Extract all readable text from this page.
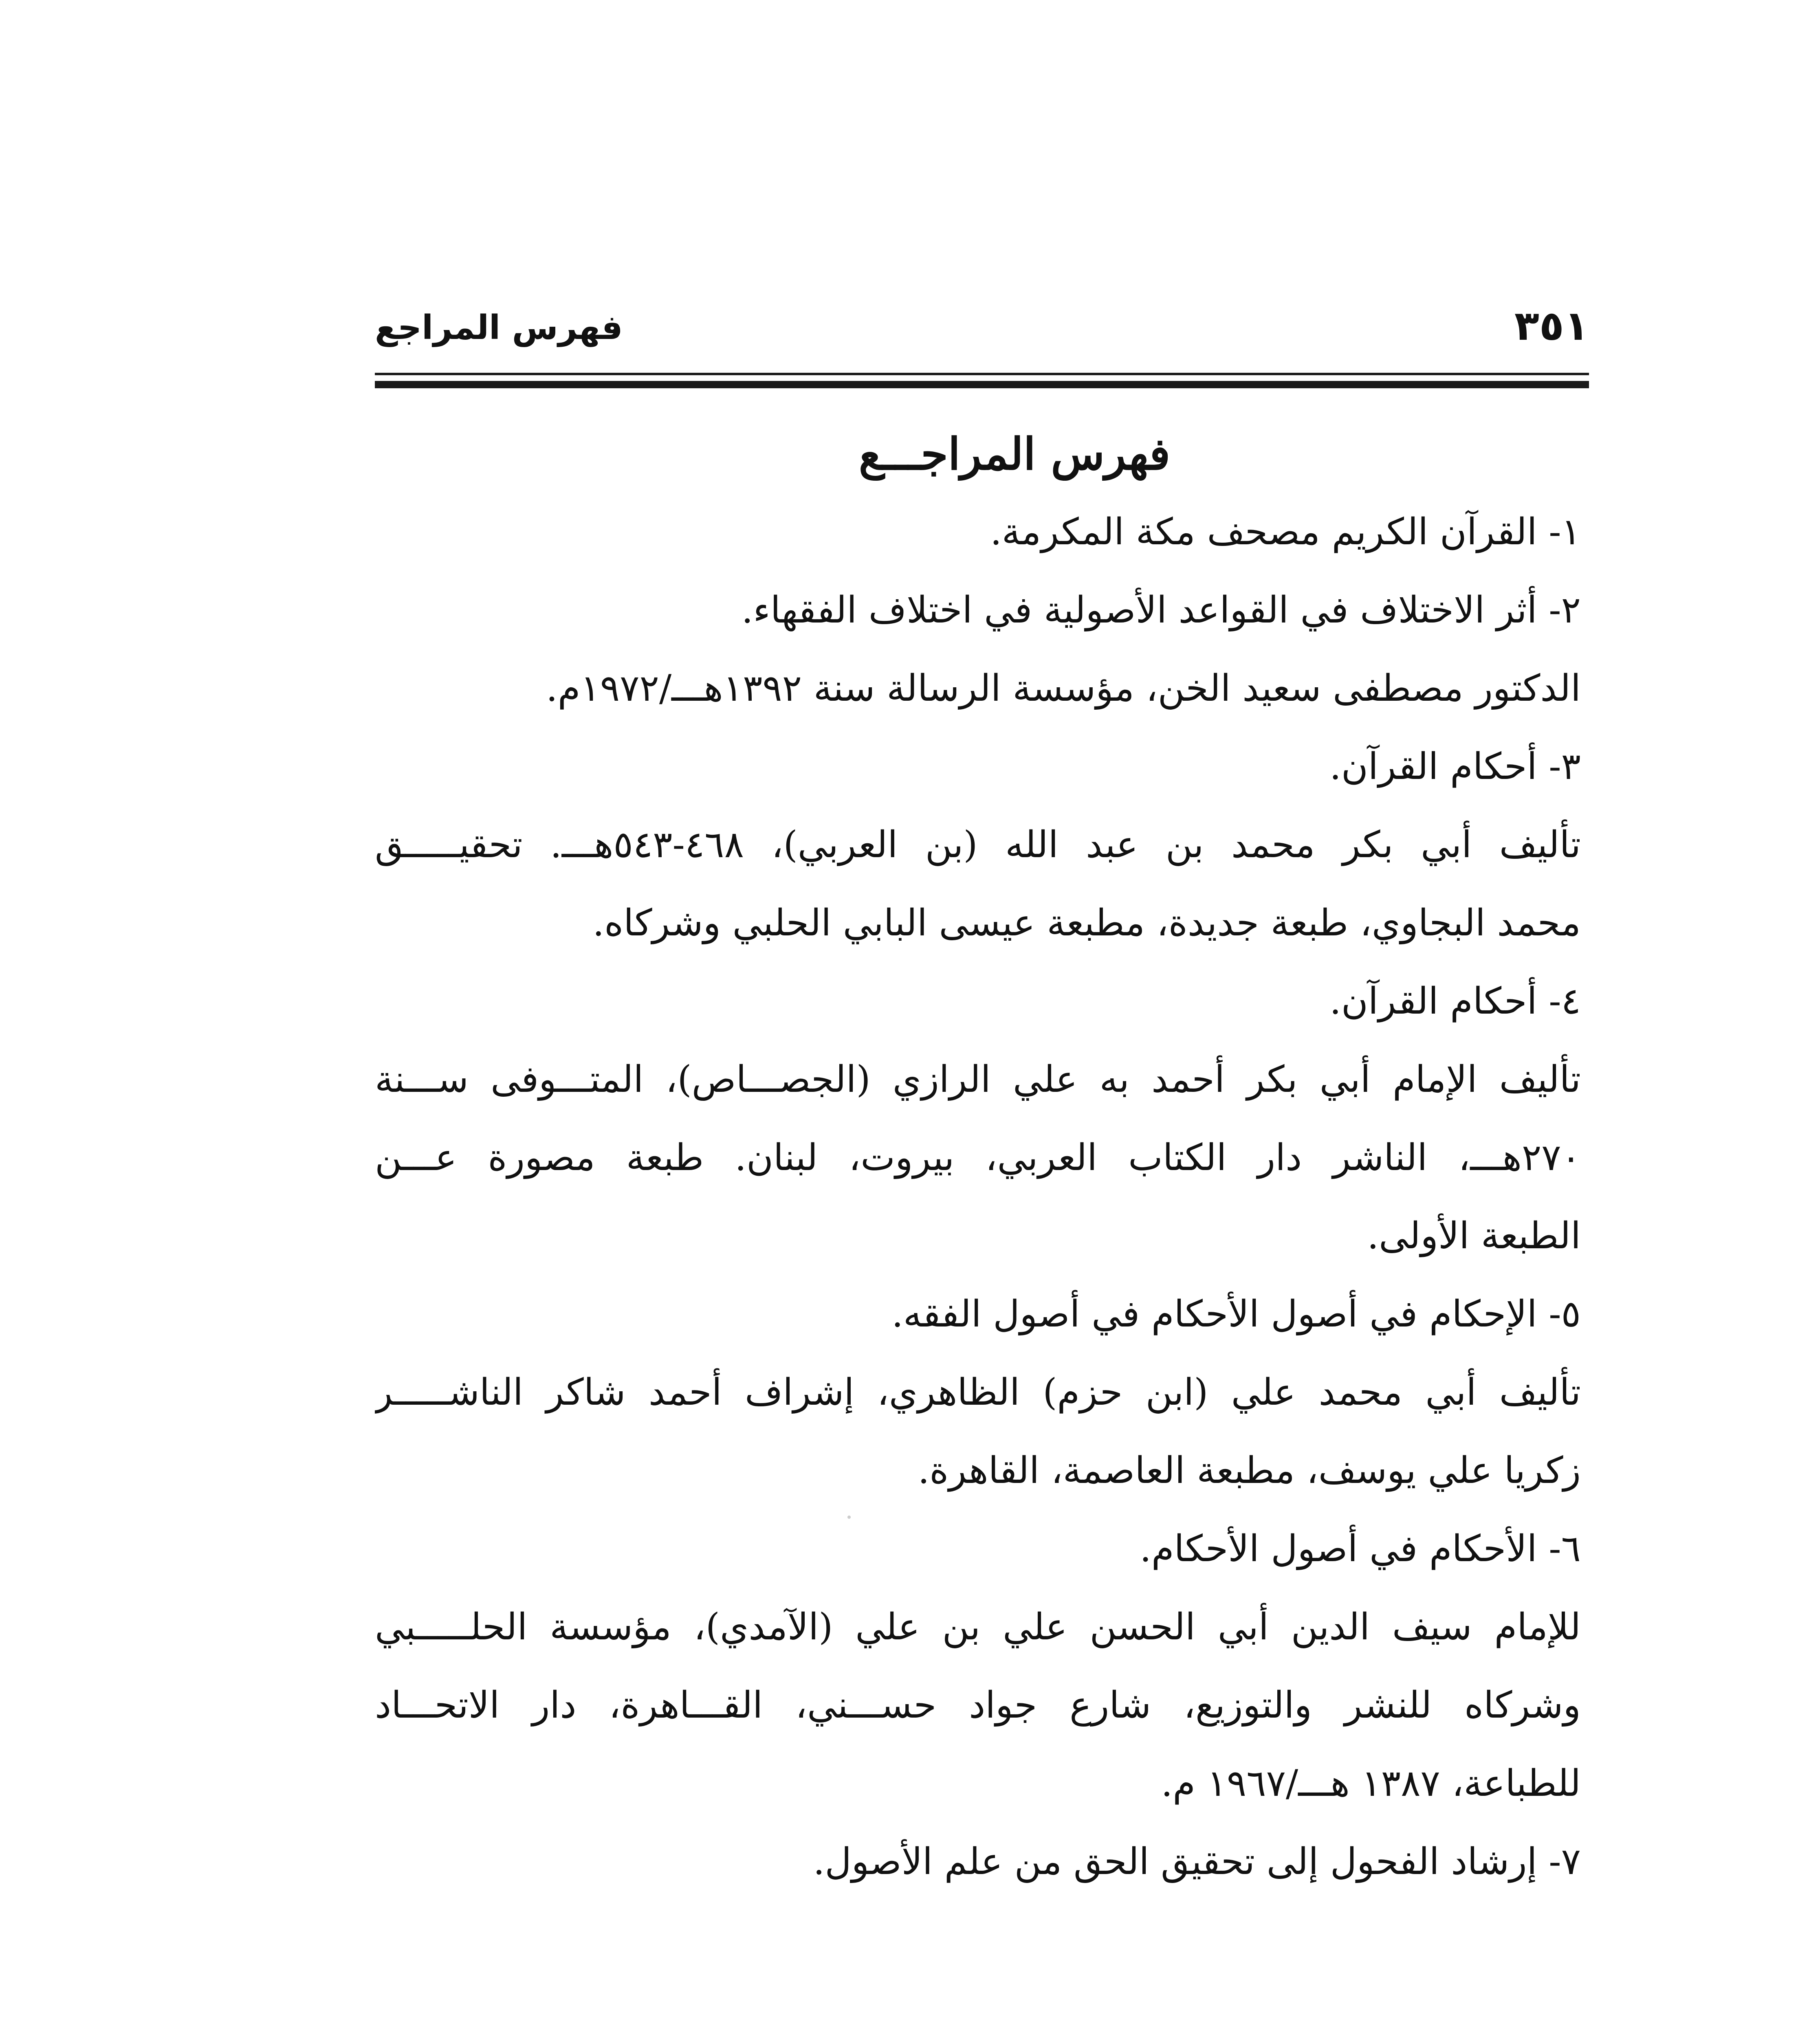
فهرس المراجع	٣٥١
فهرس المراجـــع
١- القرآن الكريم مصحف مكة المكرمة.
٢- أثر الاختلاف في القواعد الأصولية في اختلاف الفقهاء.
الدكتور مصطفى سعيد الخن، مؤسسة الرسالة سنة ١٣٩٢هـــ/١٩٧٢م.
٣- أحكام القرآن.
تأليف أبي بكر محمد بن عبد الله (بن العربي)، ٤٦٨-٥٤٣هـــ. تحقيـــــق
محمد البجاوي، طبعة جديدة، مطبعة عيسى البابي الحلبي وشركاه.
٤- أحكام القرآن.
تأليف الإمام أبي بكر أحمد به علي الرازي (الجصـــاص)، المتـــوفى ســـنة
٢٧٠هـــ، الناشر دار الكتاب العربي، بيروت، لبنان. طبعة مصورة عـــن
الطبعة الأولى.
٥- الإحكام في أصول الأحكام في أصول الفقه.
تأليف أبي محمد علي (ابن حزم) الظاهري، إشراف أحمد شاكر الناشـــــر
زكريا علي يوسف، مطبعة العاصمة، القاهرة.
٦- الأحكام في أصول الأحكام.
للإمام سيف الدين أبي الحسن علي بن علي (الآمدي)، مؤسسة الحلـــــبي
وشركاه للنشر والتوزيع، شارع جواد حســـني، القـــاهرة، دار الاتحـــاد
للطباعة، ١٣٨٧ هـــ/١٩٦٧ م.
٧- إرشاد الفحول إلى تحقيق الحق من علم الأصول.
